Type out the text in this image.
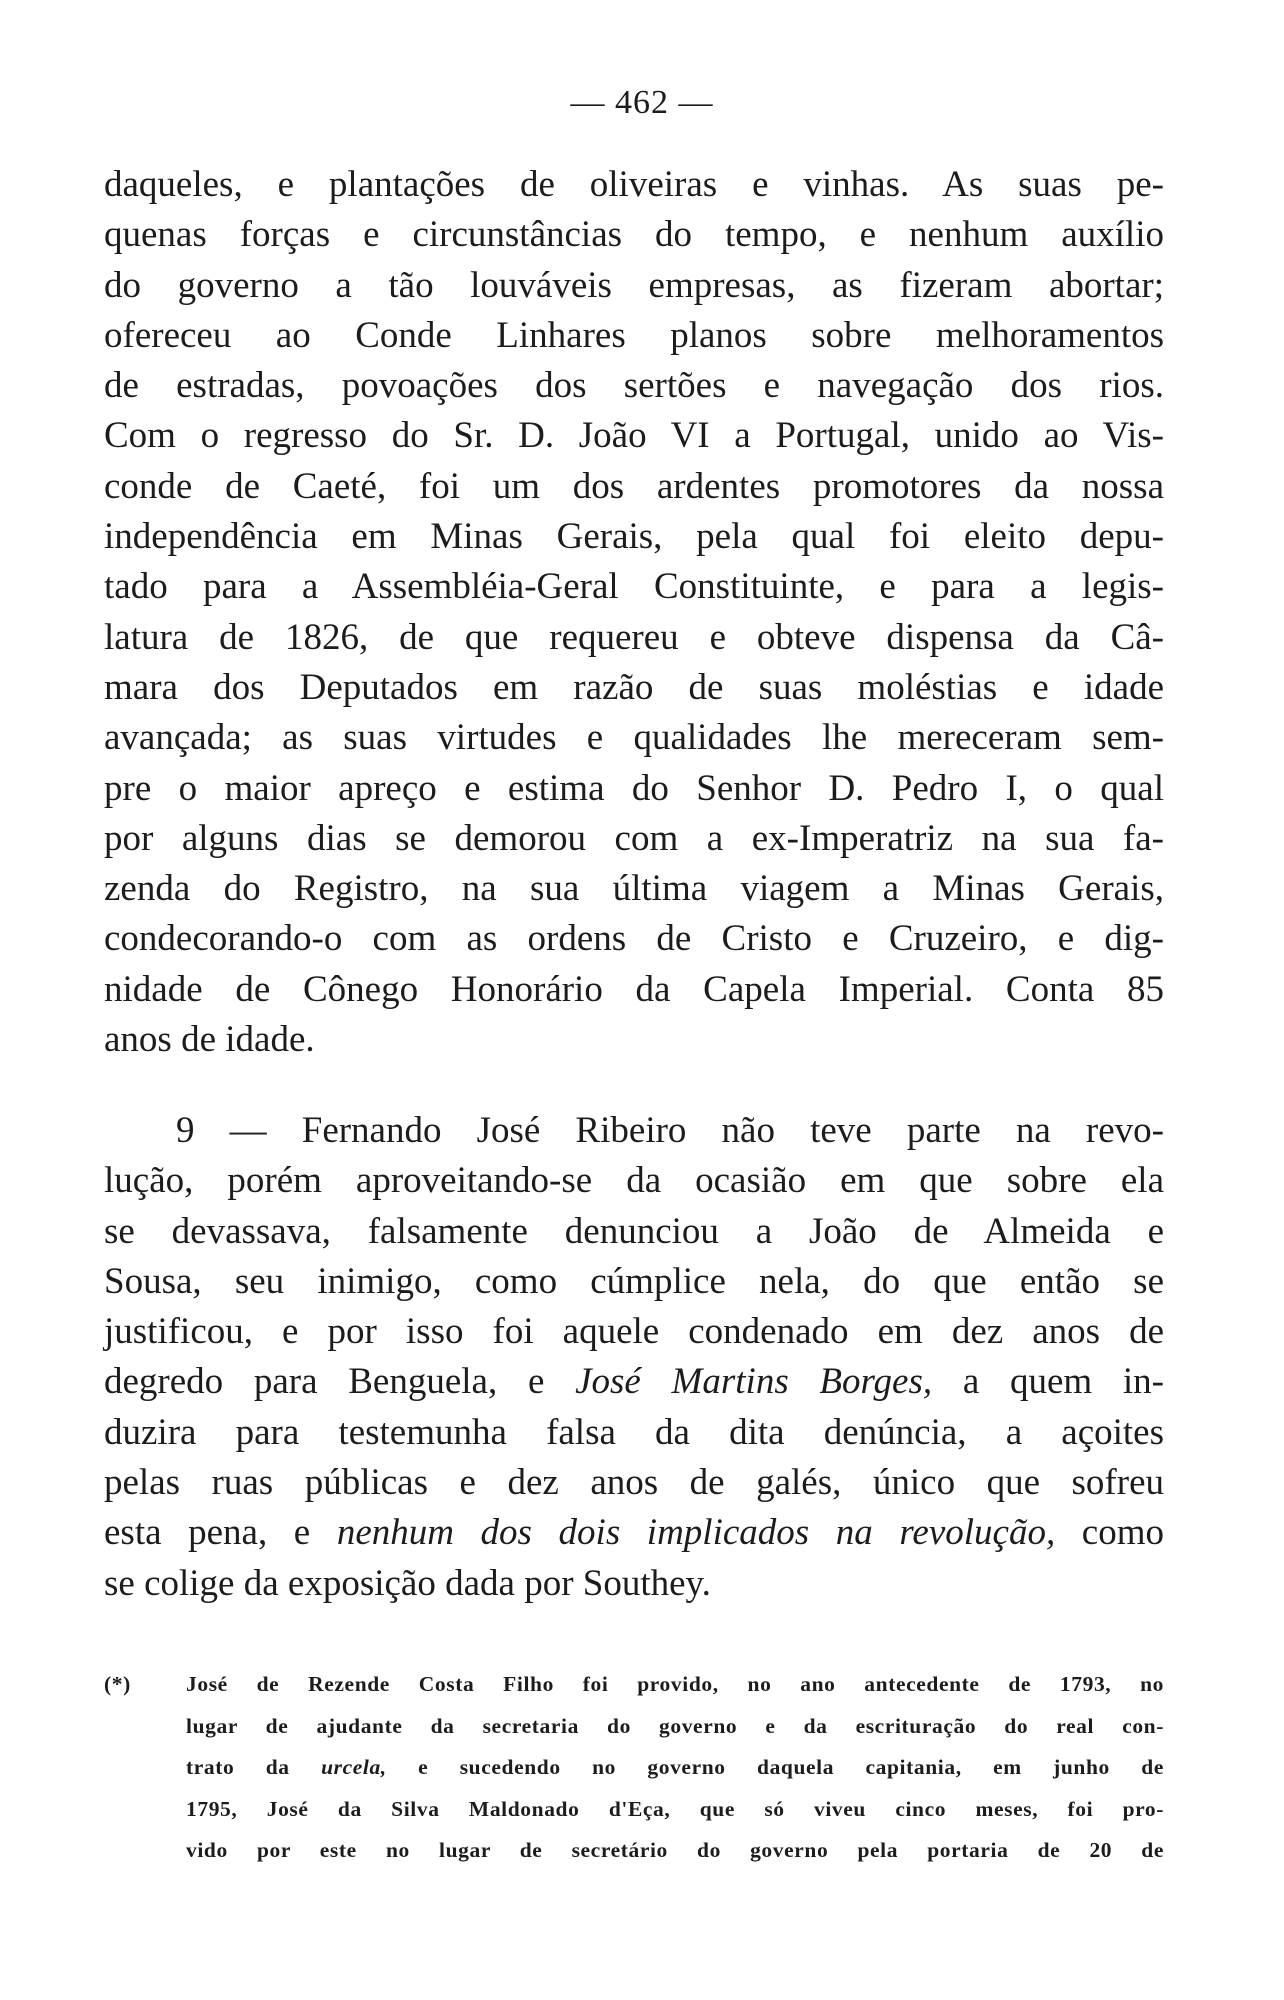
— 462 —
daqueles, e plantações de oliveiras e vinhas. As suas pe-
quenas forças e circunstâncias do tempo, e nenhum auxílio
do governo a tão louváveis empresas, as fizeram abortar;
ofereceu ao Conde Linhares planos sobre melhoramentos
de estradas, povoações dos sertões e navegação dos rios.
Com o regresso do Sr. D. João VI a Portugal, unido ao Vis-
conde de Caeté, foi um dos ardentes promotores da nossa
independência em Minas Gerais, pela qual foi eleito depu-
tado para a Assembléia-Geral Constituinte, e para a legis-
latura de 1826, de que requereu e obteve dispensa da Câ-
mara dos Deputados em razão de suas moléstias e idade
avançada; as suas virtudes e qualidades lhe mereceram sem-
pre o maior apreço e estima do Senhor D. Pedro I, o qual
por alguns dias se demorou com a ex-Imperatriz na sua fa-
zenda do Registro, na sua última viagem a Minas Gerais,
condecorando-o com as ordens de Cristo e Cruzeiro, e dig-
nidade de Cônego Honorário da Capela Imperial. Conta 85
anos de idade.
9 — Fernando José Ribeiro não teve parte na revo-
lução, porém aproveitando-se da ocasião em que sobre ela
se devassava, falsamente denunciou a João de Almeida e
Sousa, seu inimigo, como cúmplice nela, do que então se
justificou, e por isso foi aquele condenado em dez anos de
degredo para Benguela, e José Martins Borges, a quem in-
duzira para testemunha falsa da dita denúncia, a açoites
pelas ruas públicas e dez anos de galés, único que sofreu
esta pena, e nenhum dos dois implicados na revolução, como
se colige da exposição dada por Southey.
(*)	José de Rezende Costa Filho foi provido, no ano antecedente de 1793, no
lugar de ajudante da secretaria do governo e da escrituração do real con-
trato da urcela, e sucedendo no governo daquela capitania, em junho de
1795, José da Silva Maldonado d'Eça, que só viveu cinco meses, foi pro-
vido por este no lugar de secretário do governo pela portaria de 20 de
